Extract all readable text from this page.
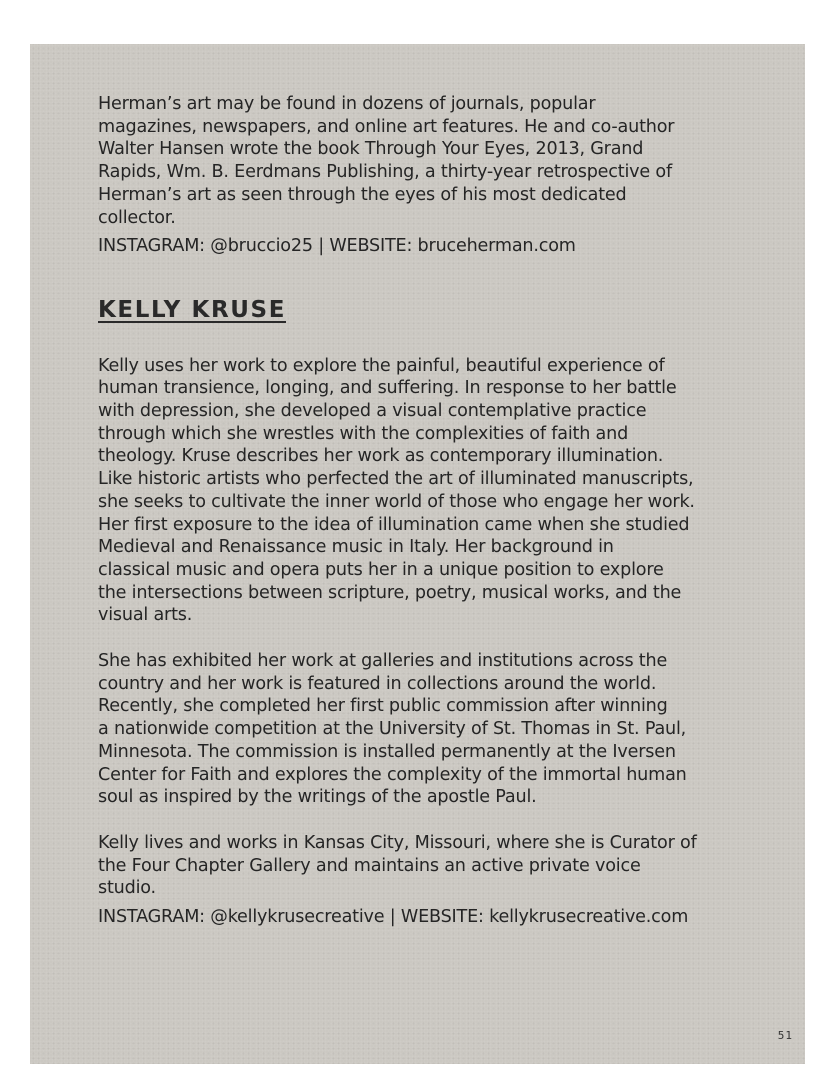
Herman’s art may be found in dozens of journals, popular
magazines, newspapers, and online art features. He and co-author
Walter Hansen wrote the book Through Your Eyes, 2013, Grand
Rapids, Wm. B. Eerdmans Publishing, a thirty-year retrospective of
Herman’s art as seen through the eyes of his most dedicated
collector.

INSTAGRAM: @bruccio25 | WEBSITE: bruceherman.com

KELLY KRUSE

Kelly uses her work to explore the painful, beautiful experience of
human transience, longing, and suffering. In response to her battle
with depression, she developed a visual contemplative practice
through which she wrestles with the complexities of faith and
theology. Kruse describes her work as contemporary illumination.
Like historic artists who perfected the art of illuminated manuscripts,
she seeks to cultivate the inner world of those who engage her work.
Her first exposure to the idea of illumination came when she studied
Medieval and Renaissance music in Italy. Her background in
classical music and opera puts her in a unique position to explore
the intersections between scripture, poetry, musical works, and the
visual arts.

She has exhibited her work at galleries and institutions across the
country and her work is featured in collections around the world.
Recently, she completed her first public commission after winning
a nationwide competition at the University of St. Thomas in St. Paul,
Minnesota. The commission is installed permanently at the Iversen
Center for Faith and explores the complexity of the immortal human
soul as inspired by the writings of the apostle Paul.

Kelly lives and works in Kansas City, Missouri, where she is Curator of
the Four Chapter Gallery and maintains an active private voice
studio.

INSTAGRAM: @kellykrusecreative | WEBSITE: kellykrusecreative.com

51
